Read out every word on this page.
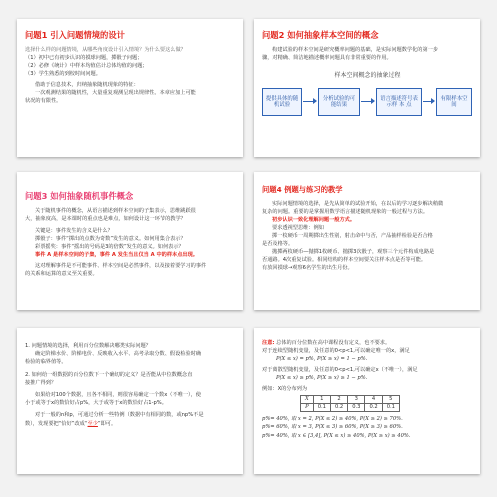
问题1 引入问题情境的设计

选择什么样的问题情境，从哪些角度设计引入情境？为什么要这么做？

（1）初中已有初步认识的摸球问题，掷骰子问题；

（2）必修《统计》中样本均值估计总体均值的问题；

（3）学生熟悉的到校时间问题。

借助于信息技术，归纳抽象随机现象的特征：

一次观测结果的随机性，大量重复观测呈现出规律性。本章应加上可能

状况的有限性。

问题2 如何抽象样本空间的概念

构建试验的样本空间是研究概率问题的基础，是实际问题数学化的第一步

骤，对精确、简洁地描述概率问题具有非常重要的作用。

样本空间概念的抽象过程
提供具体的随机试验
分析试验的可能结果
语言描述符号表示样 本 点
有限样本空间
问题3 如何抽象随机事件概念

关于随机事件的概念，从语言描述到样本空间的子集表示，思维跳跃很

大，抽象度高，是本课时的重点也是难点，如何设计这一环节的教学？

关键是：事件发生的含义是什么？

掷骰子：事件“掷出的点数为奇数”发生的意义。如何用集合表示？

彩票摇奖：事件“摇出的号码是3的倍数”发生的意义。如何表示？

事件 A 是样本空间的子集，事件 A 发生当且仅当 A 中的样本点出现。

这对理解事件是不可能事件、样本空间是必然事件，以及接着要学习的事件

的关系和运算的意义至关重要。

问题4 例题与练习的教学

实际问题情境的选择，是先从简单的试验开始，在以后的学习逐步解决稍微

复杂的问题。重要的是掌握用数学语言描述随机现象的一般过程与方法。

初步认识一致化理解问题一般方式。

要求透视型思维：例如

掷一枚硬币一周期掷出生性别，射击命中与否，产品抽样检验是否合格

是否及格等。

抛掷两枚硬币—抛掷1枚硬币、抛掷3次骰子，观察三个元件构成电路是

否通路。4次重复试验。相同结构的样本空间要关注样本点是否等可能。

有放回摸球→观察6名学生的出生月份。

1. 问题情境的选择，利用百分位数解决哪类实际问题？

确定阶梯水价、阶梯电价、反映收入水平、高考录取分数、假设检验时确

检验的临界值等。

2. 如何给一组数据的百分位数下一个确切的定义？是否能从中位数概念直

接推广得到？

如果给对100个数据，且各不相同，则很容易确定一个数x（不唯一），使

小于或等于x的数恰好占p%，大于或等于x的数恰好占1-p%。

对于一般的n和p，可通过分析一些特例（数据中有相同的数，或np%不是

数），发现要把“恰好”改成“至少”即可。

注意: 总体的百分位数在高中课程没有定义，也不要求。

对于连续型随机变量，及任意的0<p<1,可以确定唯一的x，满足

P(X ≤ x) = p%, P(X ≥ x) = 1 − p%.

对于离散型随机变量，及任意的0<p<1,可以确定x（不唯一），满足

P(X ≤ x) ≥ p%, P(X ≥ x) ≥ 1 − p%.

例如：X的分布列为

X	1	2	3	4	5
P	0.1	0.2	0.3	0.2	0.1

p%= 40%, 取 x = 2, P(X ≤ 2) ≥ 40%, P(X ≥ 2) ≥ 70%.

p%= 60%, 取 x = 3, P(X ≤ 3) ≥ 60%, P(X ≥ 3) ≥ 60%.

p%= 40%, 取 x ∈ [3,4], P(X ≤ x) ≥ 40%, P(X ≥ x) ≥ 40%.
